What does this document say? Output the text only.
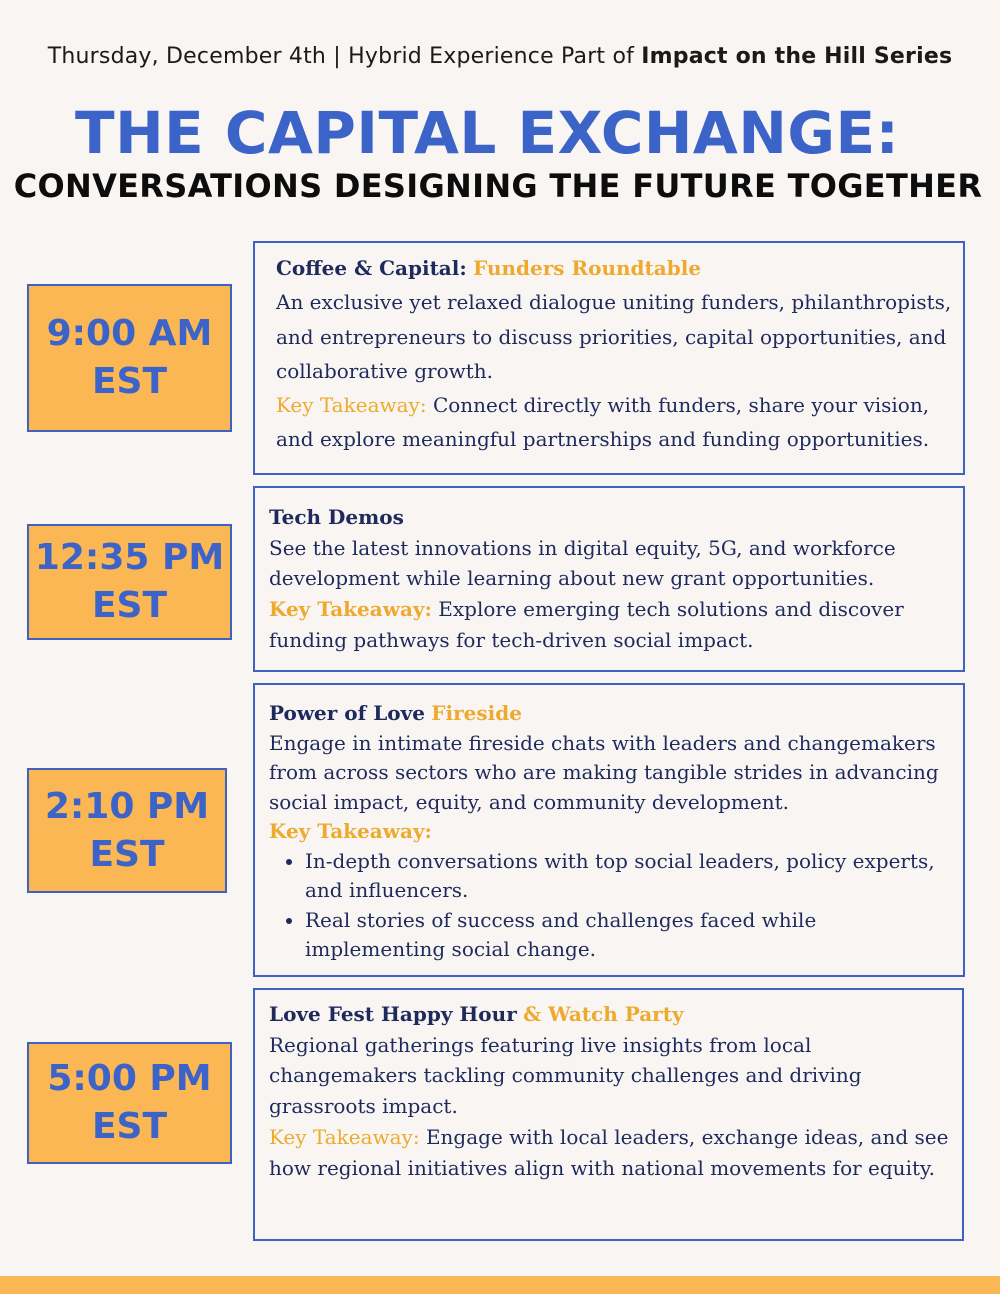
Thursday, December 4th | Hybrid Experience Part of Impact on the Hill Series
THE CAPITAL EXCHANGE:
CONVERSATIONS DESIGNING THE FUTURE TOGETHER
9:00 AM
EST
Coffee & Capital: Funders Roundtable
An exclusive yet relaxed dialogue uniting funders, philanthropists, and entrepreneurs to discuss priorities, capital opportunities, and collaborative growth.
Key Takeaway: Connect directly with funders, share your vision, and explore meaningful partnerships and funding opportunities.
12:35 PM
EST
Tech Demos
See the latest innovations in digital equity, 5G, and workforce development while learning about new grant opportunities.
Key Takeaway: Explore emerging tech solutions and discover funding pathways for tech-driven social impact.
2:10 PM
EST
Power of Love Fireside
Engage in intimate fireside chats with leaders and changemakers from across sectors who are making tangible strides in advancing social impact, equity, and community development.
Key Takeaway:
• In-depth conversations with top social leaders, policy experts, and influencers.
• Real stories of success and challenges faced while implementing social change.
5:00 PM
EST
Love Fest Happy Hour & Watch Party
Regional gatherings featuring live insights from local changemakers tackling community challenges and driving grassroots impact.
Key Takeaway: Engage with local leaders, exchange ideas, and see how regional initiatives align with national movements for equity.
